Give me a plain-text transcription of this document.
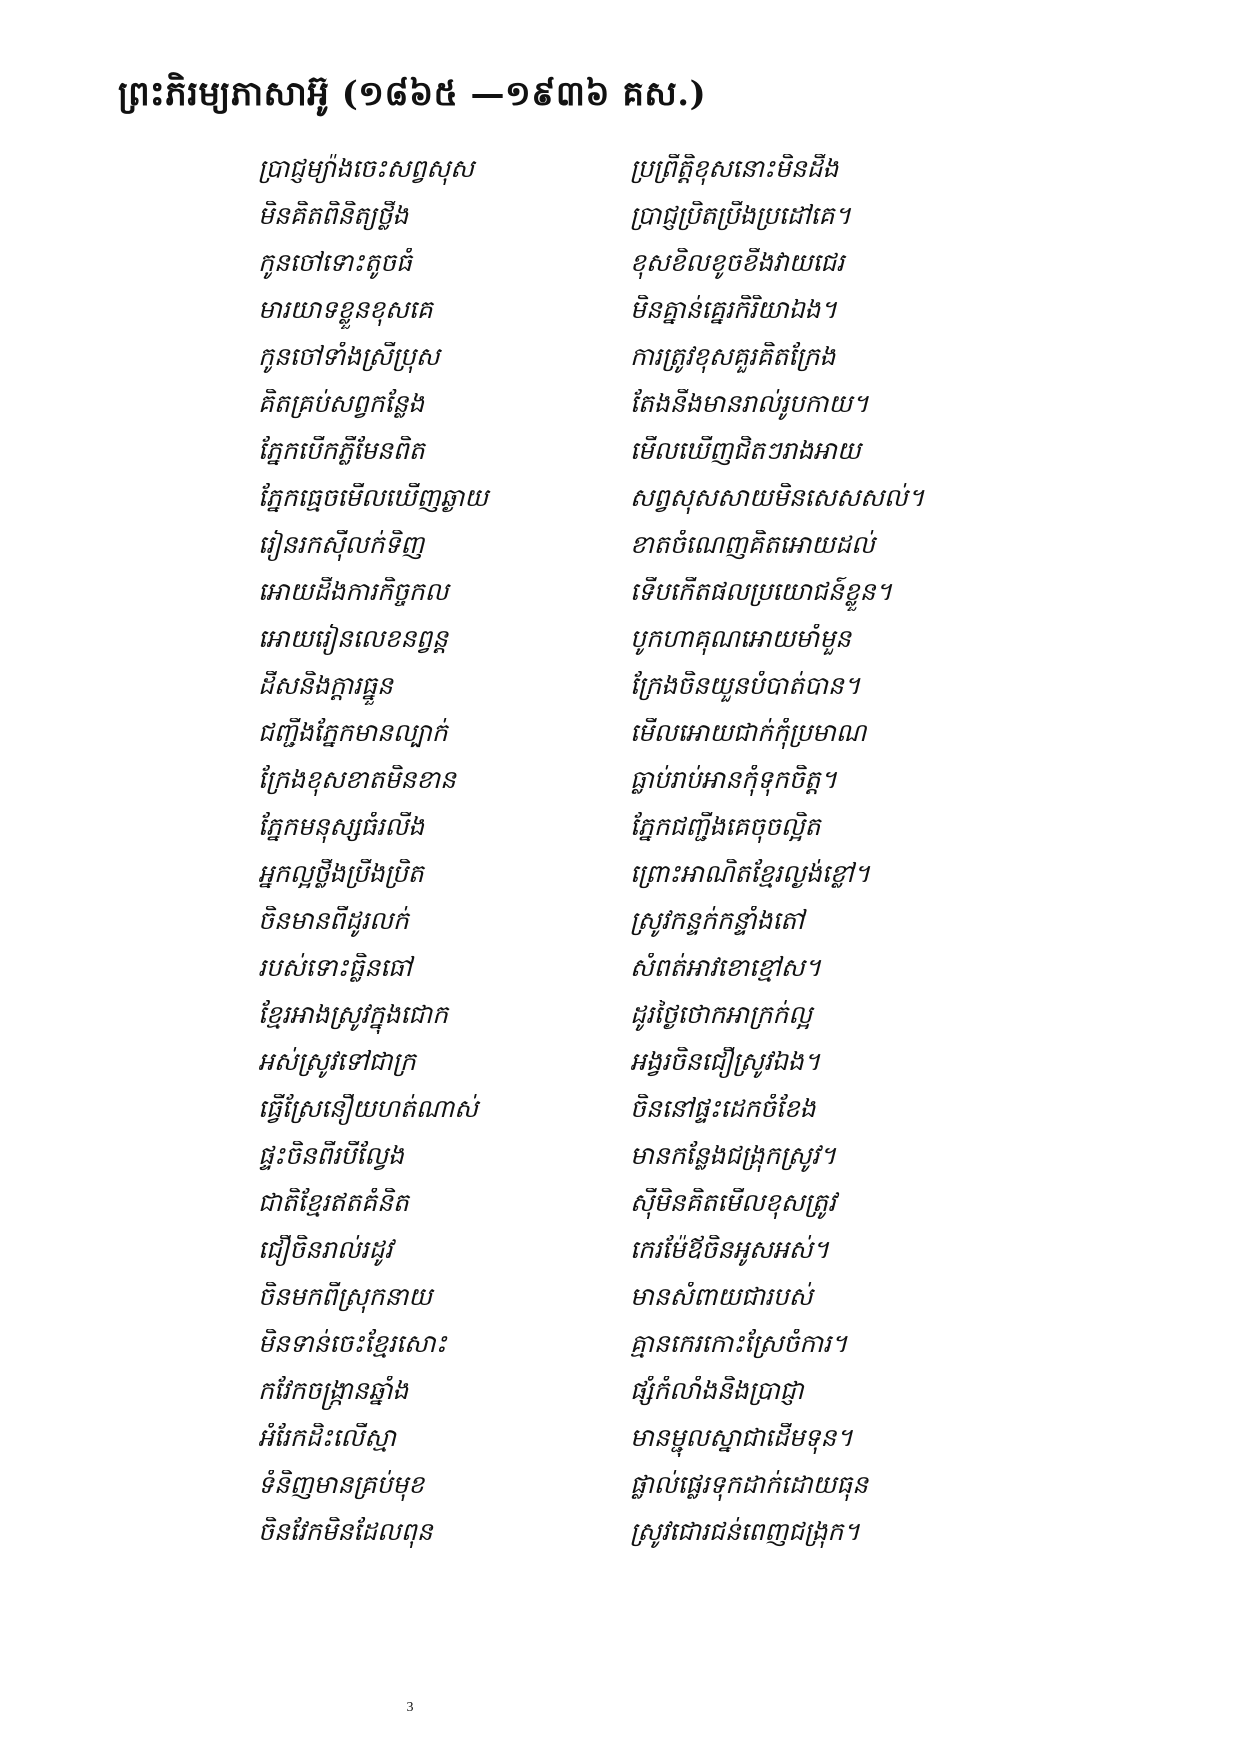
ព្រះភិរម្យភាសាអ៊ូ (១៨៦៥ —១៩៣៦ គស.)
ប្រាជ្ញម្យ៉ាងចេះសព្វសុស	ប្រព្រឹត្តិខុសនោះមិនដឹង
មិនគិតពិនិត្យថ្លឹង	ប្រាជ្ញប្រិតប្រឹងប្រដៅគេ។
កូនចៅទោះតូចធំ	ខុសខិលខូចខឹងវាយជេរ
មារយាទខ្លួនខុសគេ	មិនគ្នាន់គ្នេរកិរិយាឯង។
កូនចៅទាំងស្រីប្រុស	ការត្រូវខុសគួរគិតក្រែង
គិតគ្រប់សព្វកន្លែង	តែងនឹងមានរាល់រូបកាយ។
ភ្នែកបើកភ្លឺមែនពិត	មើលឃើញជិតៗរាងអាយ
ភ្នែកធ្មេចមើលឃើញឆ្ងាយ	សព្វសុសសាយមិនសេសសល់។
រៀនរកស៊ីលក់ទិញ	ខាតចំណេញគិតអោយដល់
អោយដឹងការកិច្ចកល	ទើបកើតផលប្រយោជន៍ខ្លួន។
អោយរៀនលេខនព្វន្ត	បូកហាគុណអោយមាំមួន
ដីសនិងក្ដារធ្នួន	ក្រែងចិនយួនបំបាត់បាន។
ជញ្ជីងភ្នែកមានល្បាក់	មើលអោយជាក់កុំប្រមាណ
ក្រែងខុសខាតមិនខាន	ធ្លាប់រាប់អានកុំទុកចិត្ត។
ភ្នែកមនុស្សធំរលីង	ភ្នែកជញ្ជីងគេចុចល្អិត
អ្នកល្អថ្លឹងប្រឹងប្រិត	ព្រោះអាណិតខ្មែរល្ងង់ខ្លៅ។
ចិនមានពីដូរលក់	ស្រូវកន្ទក់កន្ទាំងតៅ
របស់ទោះធ្លិនធៅ	សំពត់អាវខោខ្មៅស។
ខ្មែរអាងស្រូវក្នុងជោក	ដូរថ្ងៃថោកអាក្រក់ល្អ
អស់ស្រូវទៅជាក្រ	អង្វរចិនជឿស្រូវឯង។
ធ្វើស្រែនឿយហត់ណាស់	ចិននៅផ្ទះដេកចំខែង
ផ្ទះចិនពីរបីល្វែង	មានកន្លែងជង្រុកស្រូវ។
ជាតិខ្មែរឥតគំនិត	ស៊ីមិនគិតមើលខុសត្រូវ
ជឿចិនរាល់រដូវ	កេរម៉ែឪចិនអូសអស់។
ចិនមកពីស្រុកនាយ	មានសំពាយជារបស់
មិនទាន់ចេះខ្មែរសោះ	គ្មានកេរកោះស្រែចំការ។
កវែកចង្រ្កានឆ្នាំង	ផ្សំកំលាំងនិងប្រាជ្ញា
អំរែកដិះលើស្មា	មានម្ជុលស្នាជាដើមទុន។
ទំនិញមានគ្រប់មុខ	ផ្លាល់ផ្លេរទុកដាក់ដោយធុន
ចិនវែកមិនដែលពុន	ស្រូវជោរជន់ពេញជង្រុក។
3
